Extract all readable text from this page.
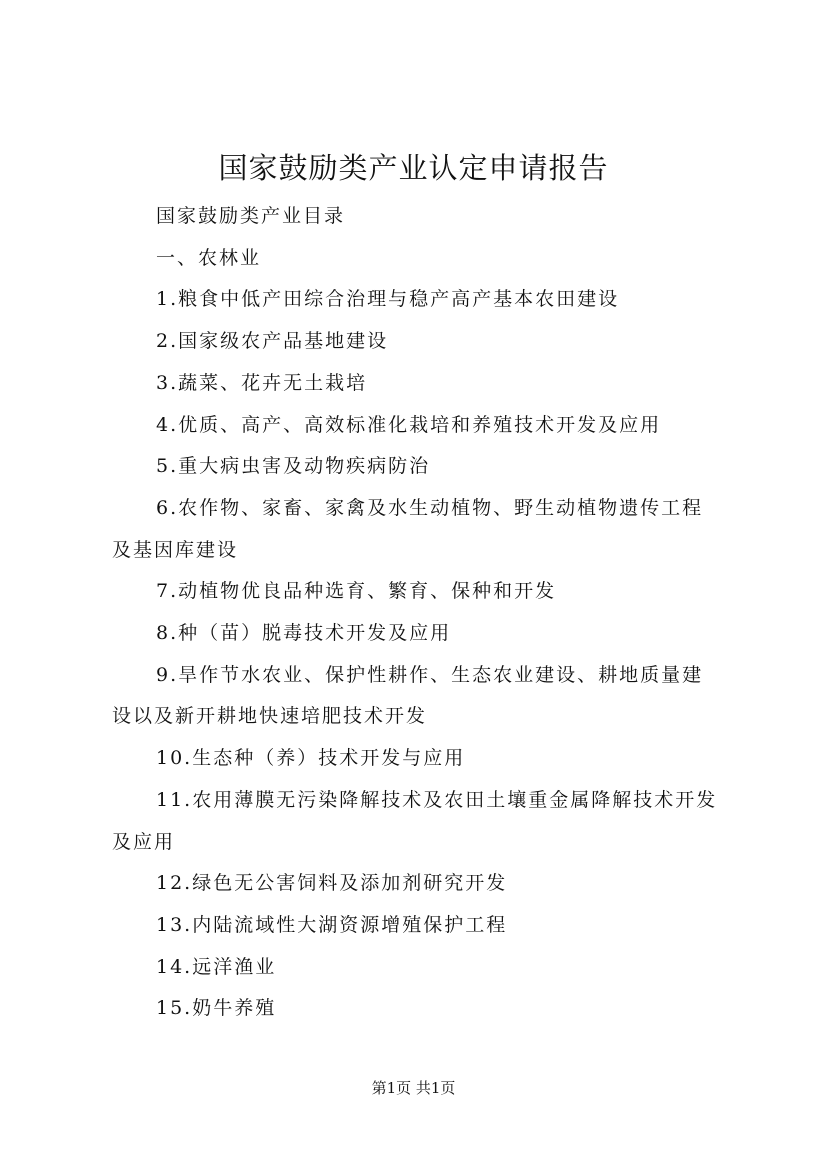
国家鼓励类产业认定申请报告

国家鼓励类产业目录

一、农林业

1.粮食中低产田综合治理与稳产高产基本农田建设

2.国家级农产品基地建设

3.蔬菜、花卉无土栽培

4.优质、高产、高效标准化栽培和养殖技术开发及应用

5.重大病虫害及动物疾病防治

6.农作物、家畜、家禽及水生动植物、野生动植物遗传工程及基因库建设

7.动植物优良品种选育、繁育、保种和开发

8.种（苗）脱毒技术开发及应用

9.旱作节水农业、保护性耕作、生态农业建设、耕地质量建设以及新开耕地快速培肥技术开发

10.生态种（养）技术开发与应用

11.农用薄膜无污染降解技术及农田土壤重金属降解技术开发及应用

12.绿色无公害饲料及添加剂研究开发

13.内陆流域性大湖资源增殖保护工程

14.远洋渔业

15.奶牛养殖

第1页 共1页
